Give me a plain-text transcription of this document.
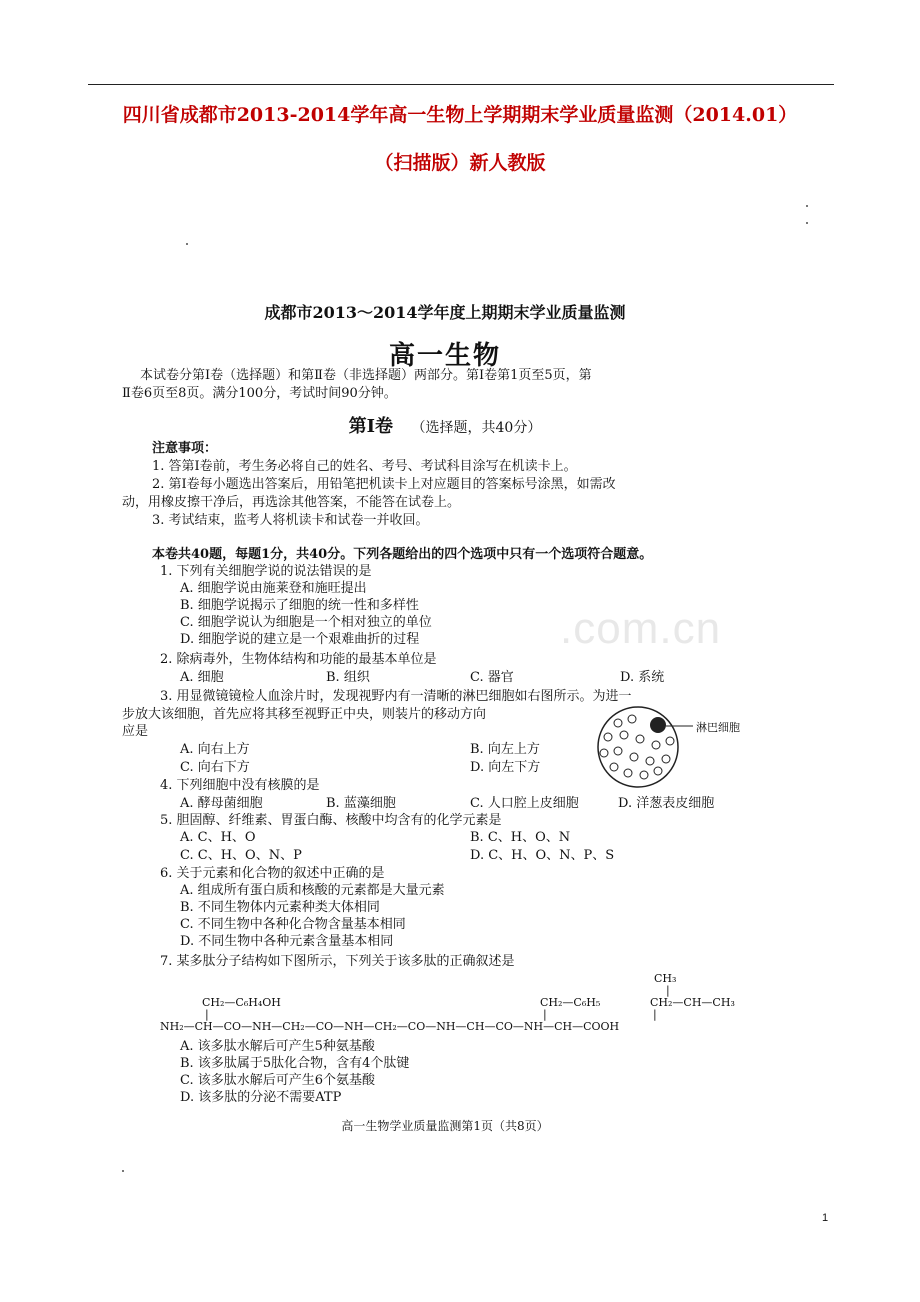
四川省成都市2013-2014学年高一生物上学期期末学业质量监测（2014.01）
（扫描版）新人教版
成都市2013～2014学年度上期期末学业质量监测
高一生物
本试卷分第Ⅰ卷（选择题）和第Ⅱ卷（非选择题）两部分。第Ⅰ卷第1页至5页，第
Ⅱ卷6页至8页。满分100分，考试时间90分钟。
第Ⅰ卷 （选择题，共40分）
注意事项：
1. 答第Ⅰ卷前，考生务必将自己的姓名、考号、考试科目涂写在机读卡上。
2. 第Ⅰ卷每小题选出答案后，用铅笔把机读卡上对应题目的答案标号涂黑，如需改
动，用橡皮擦干净后，再选涂其他答案，不能答在试卷上。
3. 考试结束，监考人将机读卡和试卷一并收回。
本卷共40题，每题1分，共40分。下列各题给出的四个选项中只有一个选项符合题意。
.com.cn
1. 下列有关细胞学说的说法错误的是
A. 细胞学说由施莱登和施旺提出
B. 细胞学说揭示了细胞的统一性和多样性
C. 细胞学说认为细胞是一个相对独立的单位
D. 细胞学说的建立是一个艰难曲折的过程
2. 除病毒外，生物体结构和功能的最基本单位是
A. 细胞	B. 组织	C. 器官	D. 系统
3. 用显微镜镜检人血涂片时，发现视野内有一清晰的淋巴细胞如右图所示。为进一
步放大该细胞，首先应将其移至视野正中央，则装片的移动方向
应是
A. 向右上方	B. 向左上方
C. 向右下方	D. 向左下方
淋巴细胞
4. 下列细胞中没有核膜的是
A. 酵母菌细胞	B. 蓝藻细胞	C. 人口腔上皮细胞	D. 洋葱表皮细胞
5. 胆固醇、纤维素、胃蛋白酶、核酸中均含有的化学元素是
A. C、H、O	B. C、H、O、N
C. C、H、O、N、P	D. C、H、O、N、P、S
6. 关于元素和化合物的叙述中正确的是
A. 组成所有蛋白质和核酸的元素都是大量元素
B. 不同生物体内元素种类大体相同
C. 不同生物中各种化合物含量基本相同
D. 不同生物中各种元素含量基本相同
7. 某多肽分子结构如下图所示，下列关于该多肽的正确叙述是
CH₃
|
CH₂—C₆H₄OH	CH₂—C₆H₅	CH₂—CH—CH₃
|	|	|
NH₂—CH—CO—NH—CH₂—CO—NH—CH₂—CO—NH—CH—CO—NH—CH—COOH
A. 该多肽水解后可产生5种氨基酸
B. 该多肽属于5肽化合物，含有4个肽键
C. 该多肽水解后可产生6个氨基酸
D. 该多肽的分泌不需要ATP
高一生物学业质量监测第1页（共8页）
1
